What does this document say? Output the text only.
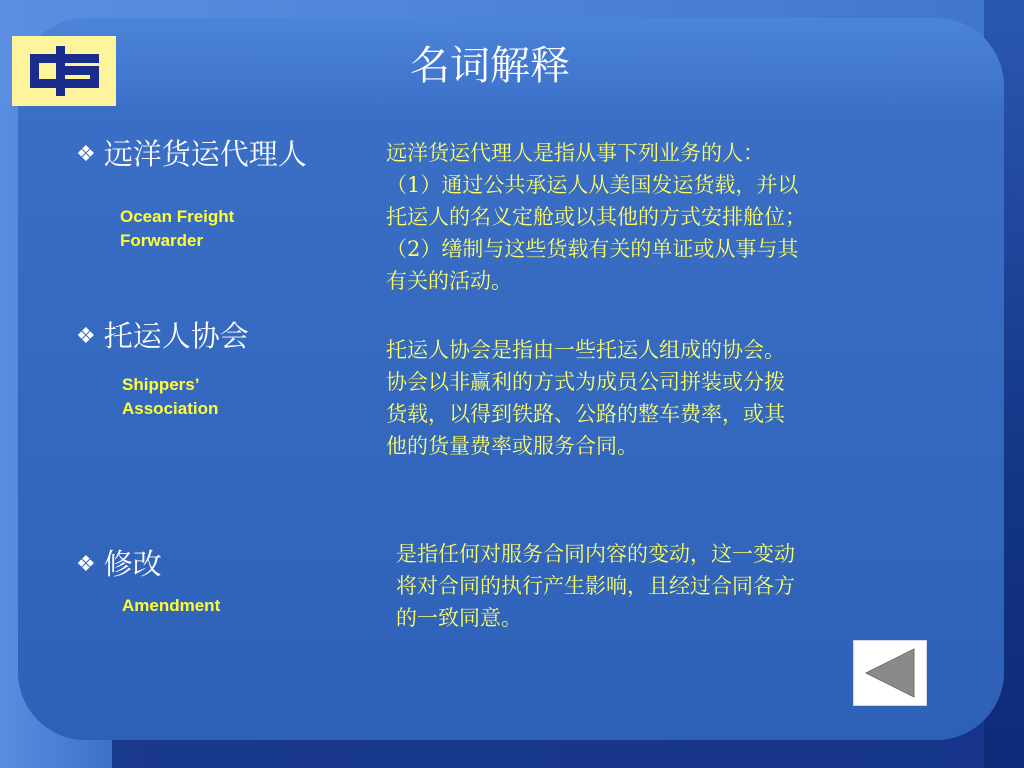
名词解释
❖ 远洋货运代理人
Ocean Freight
Forwarder

远洋货运代理人是指从事下列业务的人：
（1）通过公共承运人从美国发运货载，并以
托运人的名义定舱或以其他的方式安排舱位；
（2）缮制与这些货载有关的单证或从事与其
有关的活动。

❖ 托运人协会
Shippers’
Association

托运人协会是指由一些托运人组成的协会。
协会以非赢利的方式为成员公司拼装或分拨
货载，以得到铁路、公路的整车费率，或其
他的货量费率或服务合同。

❖ 修改
Amendment

是指任何对服务合同内容的变动，这一变动
将对合同的执行产生影响，且经过合同各方
的一致同意。
